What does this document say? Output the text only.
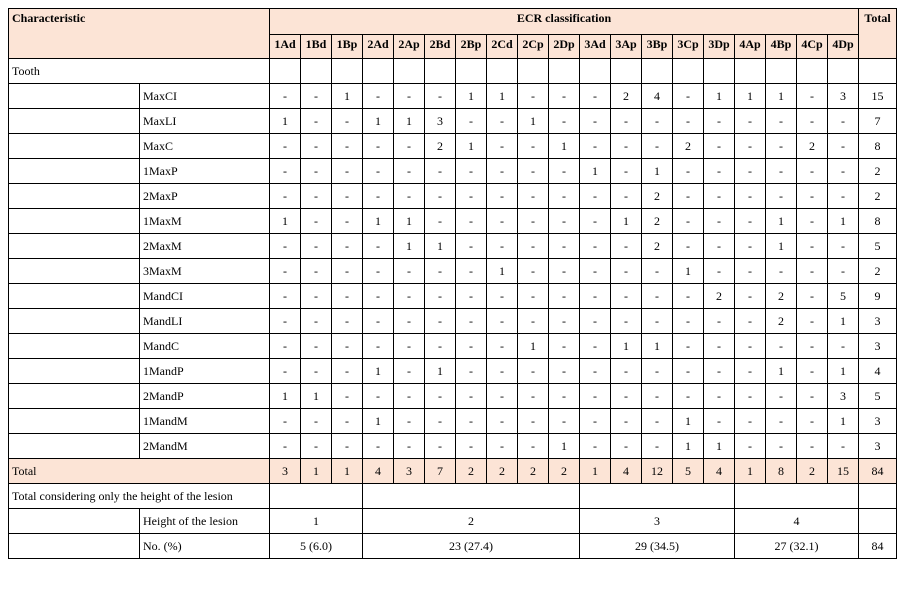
Characteristic		ECR classification																			Total
		1Ad	1Bd	1Bp	2Ad	2Ap	2Bd	2Bp	2Cd	2Cp	2Dp	3Ad	3Ap	3Bp	3Cp	3Dp	4Ap	4Bp	4Cp	4Dp	
Tooth																					
	MaxCI	-	-	1	-	-	-	1	1	-	-	-	2	4	-	1	1	1	-	3	15
	MaxLI	1	-	-	1	1	3	-	-	1	-	-	-	-	-	-	-	-	-	-	7
	MaxC	-	-	-	-	-	2	1	-	-	1	-	-	-	2	-	-	-	2	-	8
	1MaxP	-	-	-	-	-	-	-	-	-	-	1	-	1	-	-	-	-	-	-	2
	2MaxP	-	-	-	-	-	-	-	-	-	-	-	-	2	-	-	-	-	-	-	2
	1MaxM	1	-	-	1	1	-	-	-	-	-	-	1	2	-	-	-	1	-	1	8
	2MaxM	-	-	-	-	1	1	-	-	-	-	-	-	2	-	-	-	1	-	-	5
	3MaxM	-	-	-	-	-	-	-	1	-	-	-	-	-	1	-	-	-	-	-	2
	MandCI	-	-	-	-	-	-	-	-	-	-	-	-	-	-	2	-	2	-	5	9
	MandLI	-	-	-	-	-	-	-	-	-	-	-	-	-	-	-	-	2	-	1	3
	MandC	-	-	-	-	-	-	-	-	1	-	-	1	1	-	-	-	-	-	-	3
	1MandP	-	-	-	1	-	1	-	-	-	-	-	-	-	-	-	-	1	-	1	4
	2MandP	1	1	-	-	-	-	-	-	-	-	-	-	-	-	-	-	-	-	3	5
	1MandM	-	-	-	1	-	-	-	-	-	-	-	-	-	1	-	-	-	-	1	3
	2MandM	-	-	-	-	-	-	-	-	-	1	-	-	-	1	1	-	-	-	-	3
Total		3	1	1	4	3	7	2	2	2	2	1	4	12	5	4	1	8	2	15	84
Total considering only the height of the lesion																					
	Height of the lesion	1			2							3					4				
	No. (%)	5 (6.0)			23 (27.4)							29 (34.5)					27 (32.1)				84
